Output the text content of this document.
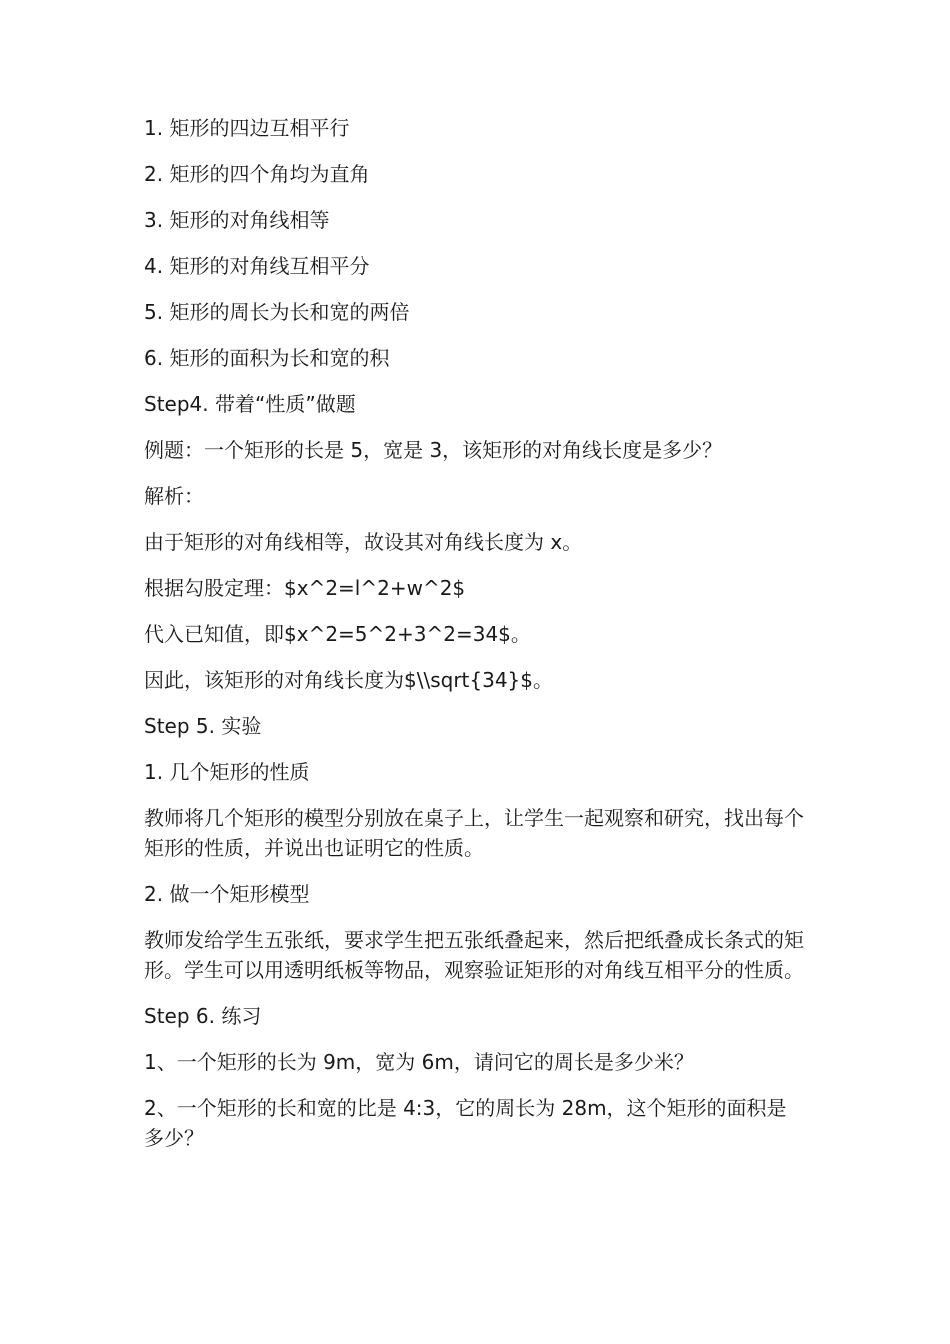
1. 矩形的四边互相平行

2. 矩形的四个角均为直角

3. 矩形的对角线相等

4. 矩形的对角线互相平分

5. 矩形的周长为长和宽的两倍

6. 矩形的面积为长和宽的积

Step4. 带着“性质”做题

例题：一个矩形的长是 5，宽是 3，该矩形的对角线长度是多少？

解析：

由于矩形的对角线相等，故设其对角线长度为 x。

根据勾股定理：$x^2=l^2+w^2$

代入已知值，即$x^2=5^2+3^2=34$。

因此，该矩形的对角线长度为$\\sqrt{34}$。

Step 5. 实验

1. 几个矩形的性质

教师将几个矩形的模型分别放在桌子上，让学生一起观察和研究，找出每个矩形的性质，并说出也证明它的性质。

2. 做一个矩形模型

教师发给学生五张纸，要求学生把五张纸叠起来，然后把纸叠成长条式的矩形。学生可以用透明纸板等物品，观察验证矩形的对角线互相平分的性质。

Step 6. 练习

1、一个矩形的长为 9m，宽为 6m，请问它的周长是多少米？

2、一个矩形的长和宽的比是 4:3，它的周长为 28m，这个矩形的面积是多少？
